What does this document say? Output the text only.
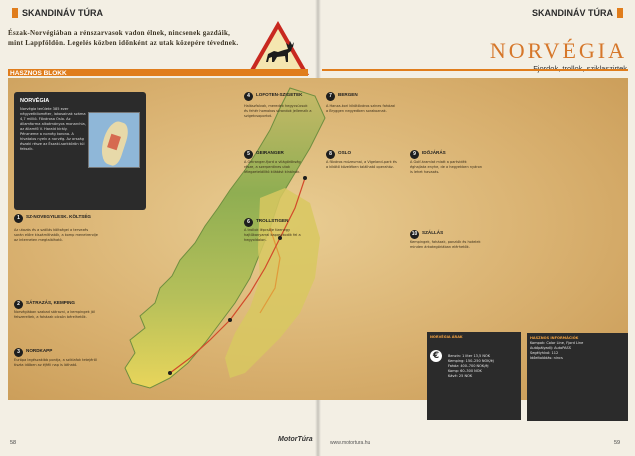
SKANDINÁV TÚRA	SKANDINÁV TÚRA
Észak-Norvégiában a rénszarvasok vadon élnek, nincsenek gazdáik, mint Lappföldön. Legelés közben időnként az utak közepére tévednek.	NORVÉGIA
HASZNOS BLOKK
NORVÉGIA
Norvégia területe 385 ezer négyzetkilométer, lakosainak száma 4,7 millió. Fővárosa Oslo. Az államforma alkotmányos monarchia, az államfő V. Harald király. Pénzneme a norvég korona. A hivatalos nyelv a norvég. Az ország északi része az Északi-sarkkörön túl fekszik.
1	SZ-NOVEGYILESK. KÖLTSÉG
Az utazás és a szállás költségei a tervezés során előre kiszámíthatók, a komp menetrendje az interneten megtalálható.
2	SÁTRAZÁS, KEMPING
Norvégiában szabad sátrazni, a kempingek jól felszereltek, a faházak olcsón bérelhetők.
3	NORDKAPP
Európa legészakibb pontja, a sziklafok tetejéről tiszta időben az éjféli nap is látható.
4	LOFOTEN-SZIGETEK
Halászfalvak, meredek hegycsúcsok és fehér homokos strandok jellemzik a szigetcsoportot.
5	GEIRANGER
A Geiranger-fjord a világörökség része, a szerpentines utak lélegzetelállító kilátást kínálnak.
6	TROLLSTIGEN
A trollok lépcsője tizenegy hajtűkanyarral kapaszkodik fel a hegyoldalon.
7	BERGEN
A Hanza-kori kikötőváros színes faházai a Bryggen negyedben sorakoznak.
8	OSLO
A főváros múzeumai, a Vigeland-park és a kikötő közelében található operaház.
9	IDŐJÁRÁS
A Golf-áramlat miatt a partvidék éghajlata enyhe, de a hegyekben nyáron is lehet havazás.
10	SZÁLLÁS
Kempingek, faházak, panziók és hotelek minden árkategóriában elérhetők.
NORVÉGIA ÁRAK
€	Benzin: 1 liter 13,5 NOK
Kemping: 150–250 NOK/éj
Faház: 400–700 NOK/éj
Komp: 60–300 NOK
Kávé: 25 NOK
HASZNOS INFORMÁCIÓK
Kompok: Color Line, Fjord Line
Autópályadíj: AutoPASS
Segélyhívó: 112
Időeltolódás: nincs
58	MotorTúra	www.motortura.hu	59
